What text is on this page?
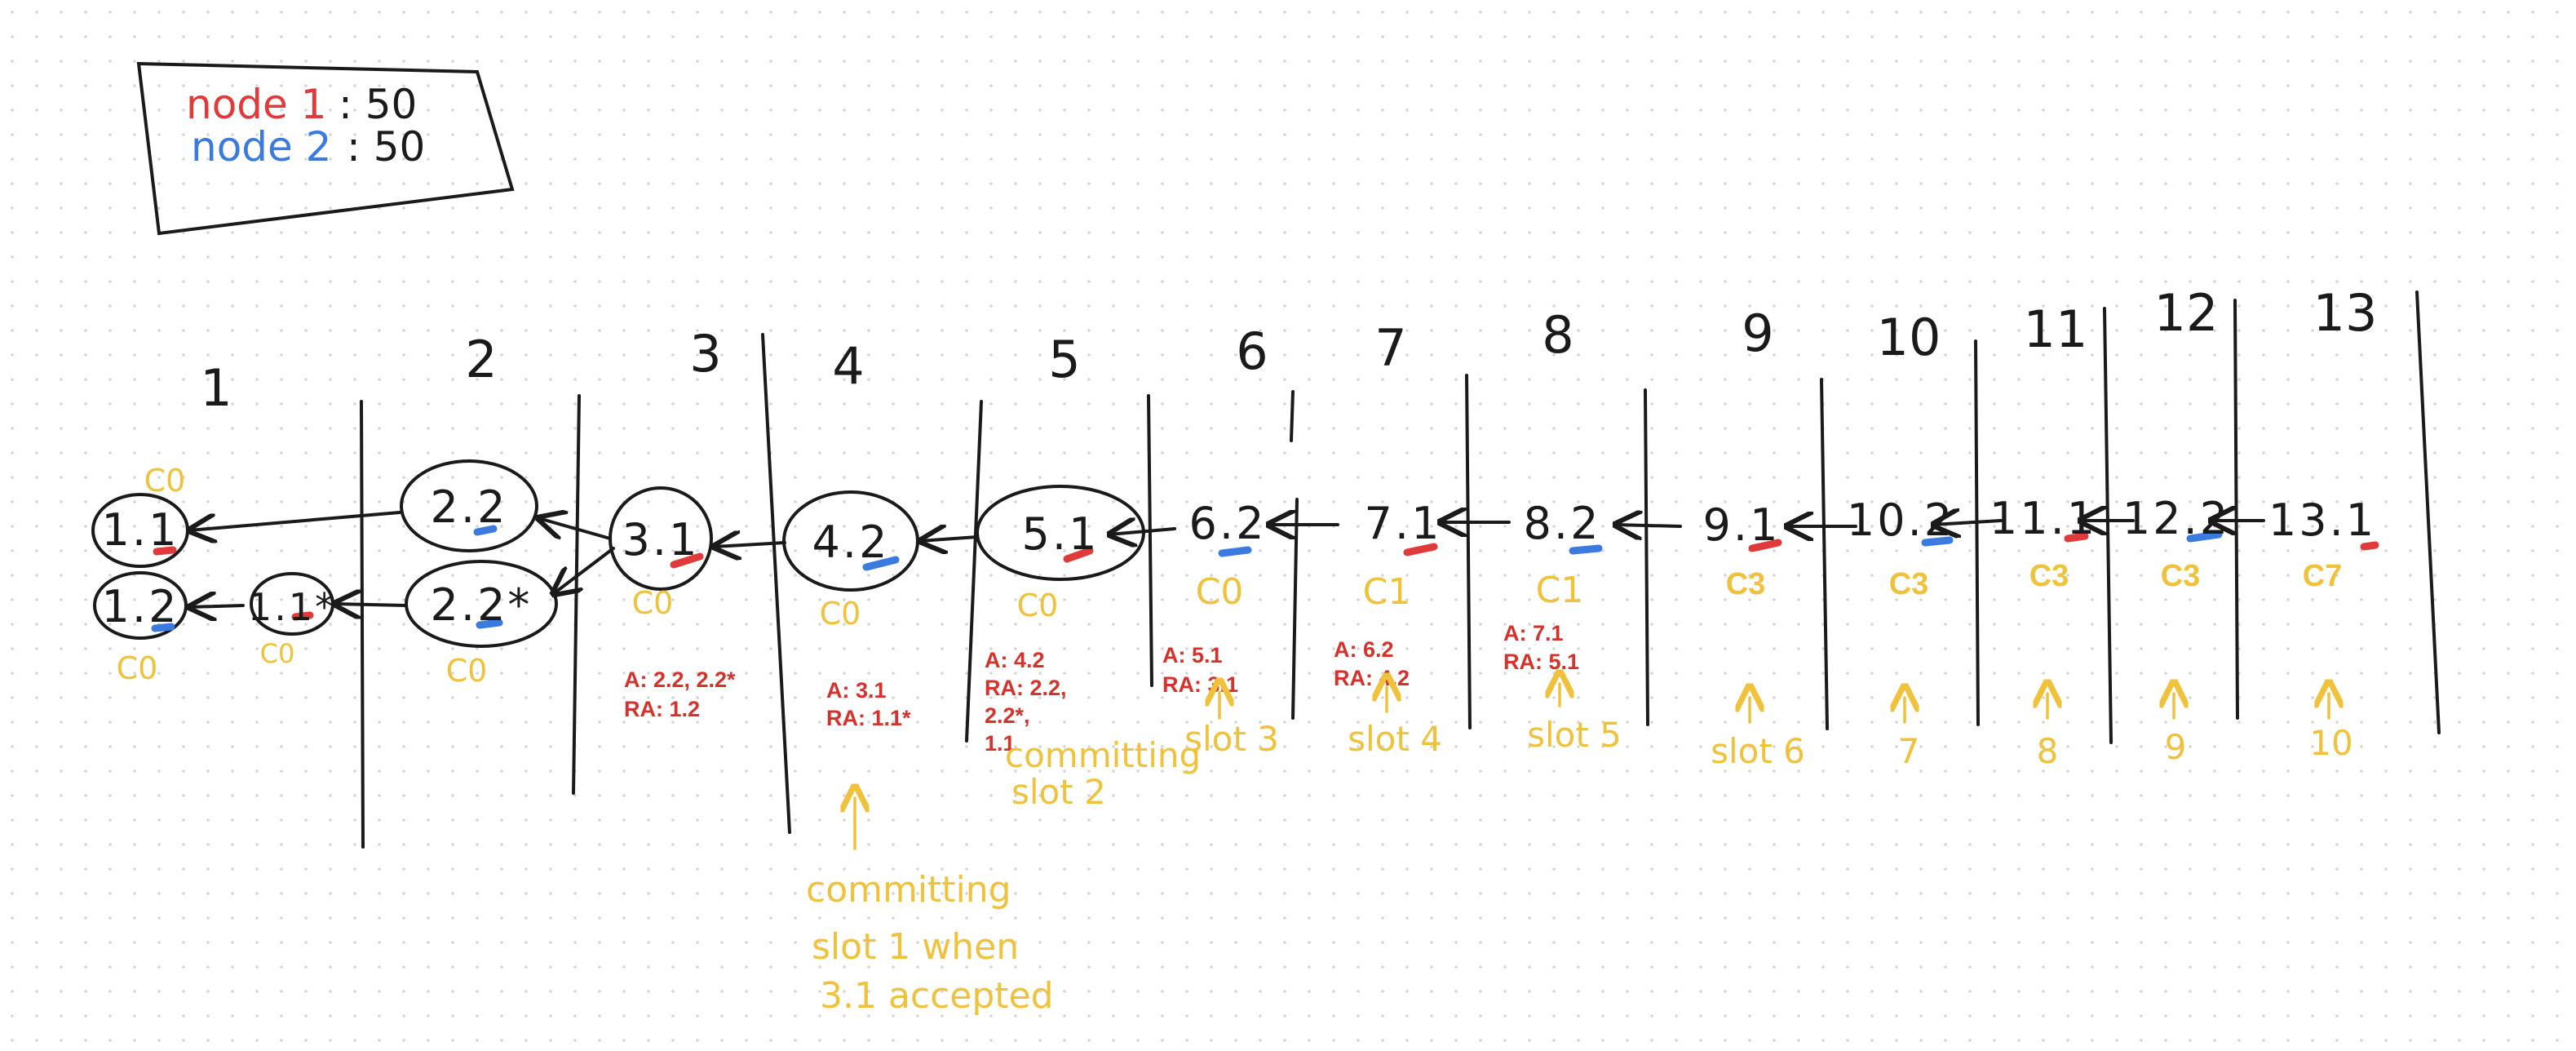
node 1 : 50
node 2 : 50
1	2	3 4	5	6 7	8	9 10 11 12 13
1.1
1.2 1.1*
2.2
2.2*
3.1	4.2	5.1 6.2 7.1 8.2 9.1 10.2 11.1 12.2 13.1
C0
C0	C0	C0
C0	C0	C0	C0	C1	C1	C3	C3	C3	C3	C7
A: 2.2, 2.2*
RA: 1.2
A: 3.1
RA: 1.1*
A: 4.2
RA: 2.2,
2.2*,
1.1
A: 5.1
RA: 3.1
A: 6.2
RA: 4.2
A: 7.1
RA: 5.1
committing
slot 2
slot 3 slot 4 slot 5	slot 6	7	8	9	10
committing
slot 1 when
3.1 accepted
